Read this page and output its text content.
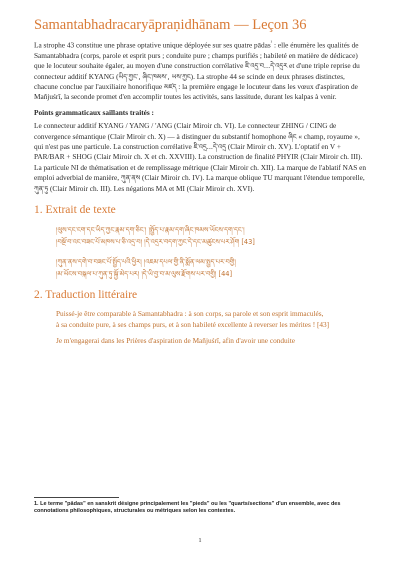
Samantabhadracaryāpraṇidhānam — Leçon 36

La strophe 43 constitue une phrase optative unique déployée sur ses quatre pādas$^{^1}$ : elle énumère les qualités de Samantabhadra (corps, parole et esprit purs ; conduite pure ; champs purifiés ; habileté en matière de dédicace) que le locuteur souhaite égaler, au moyen d'une construction corrélative ཇི་འདྲ་བ...དེ་འདྲར et d'une triple reprise du connecteur additif KYANG (ཡིད་ཀྱང་, ཞིང་ཁམས་, ཡས་ཀྱང). La strophe 44 se scinde en deux phrases distinctes, chacune conclue par l'auxiliaire honorifique མཛད : la première engage le locuteur dans les vœux d'aspiration de Mañjuśrī, la seconde promet d'en accomplir toutes les activités, sans lassitude, durant les kalpas à venir.

Points grammaticaux saillants traités :

Le connecteur additif KYANG / YANG / 'ANG (Clair Miroir ch. VI). Le connecteur ZHING / CING de convergence sémantique (Clair Miroir ch. X) — à distinguer du substantif homophone ཞིང « champ, royaume », qui n'est pas une particule. La construction corrélative ཇི་འདྲ...དེ་འདྲ (Clair Miroir ch. XV). L'optatif en V + PAR/BAR + SHOG (Clair Miroir ch. X et ch. XXVIII). La construction de finalité PHYIR (Clair Miroir ch. III). La particule NI de thématisation et de remplissage métrique (Clair Miroir ch. XII). La marque de l'ablatif NAS en emploi adverbial de manière, ཀུན་ནས (Clair Miroir ch. IV). La marque oblique TU marquant l'étendue temporelle, ཀུན་ཏུ (Clair Miroir ch. III). Les négations MA et MI (Clair Miroir ch. XVI).

1. Extrait de texte
།ལུས་དང་ངག་དང་ཡིད་ཀྱང་རྣམ་དག་ཅིང༌། །སྤྱོད་པ་རྣམ་དག་ཞིང་ཁམས་ཡོངས་དག་དང༌།
།བསྔོ་བ་འང་བཟང་པོ་མཁས་པ་ཅི་འདྲ་བ། །དེ་འདྲར་བདག་ཀྱང་དེ་དང་མཚུངས་པར་ཤོག [43]
།ཀུན་ནས་དགེ་བ་བཟང་པོ་སྤྱོད་པའི་ཕྱིར། །འཇམ་དཔལ་གྱི་ནི་སྨོན་ལམ་སྤྱད་པར་བགྱི།
།མ་ཡོངས་བསྐལ་པ་ཀུན་ཏུ་སྐྱོ་མེད་པར། །དེ་ཡི་བྱ་བ་མ་ལུས་རྫོགས་པར་བགྱི། [44]
2. Traduction littéraire
Puissé-je être comparable à Samantabhadra : à son corps, sa parole et son esprit immaculés,
à sa conduite pure, à ses champs purs, et à son habileté excellente à reverser les mérites ! [43]
Je m'engagerai dans les Prières d'aspiration de Mañjuśrī, afin d'avoir une conduite
1. Le terme "pādas" en sanskrit désigne principalement les "pieds" ou les "quarts/sections" d'un ensemble, avec des connotations philosophiques, structurales ou métriques selon les contextes.
1
